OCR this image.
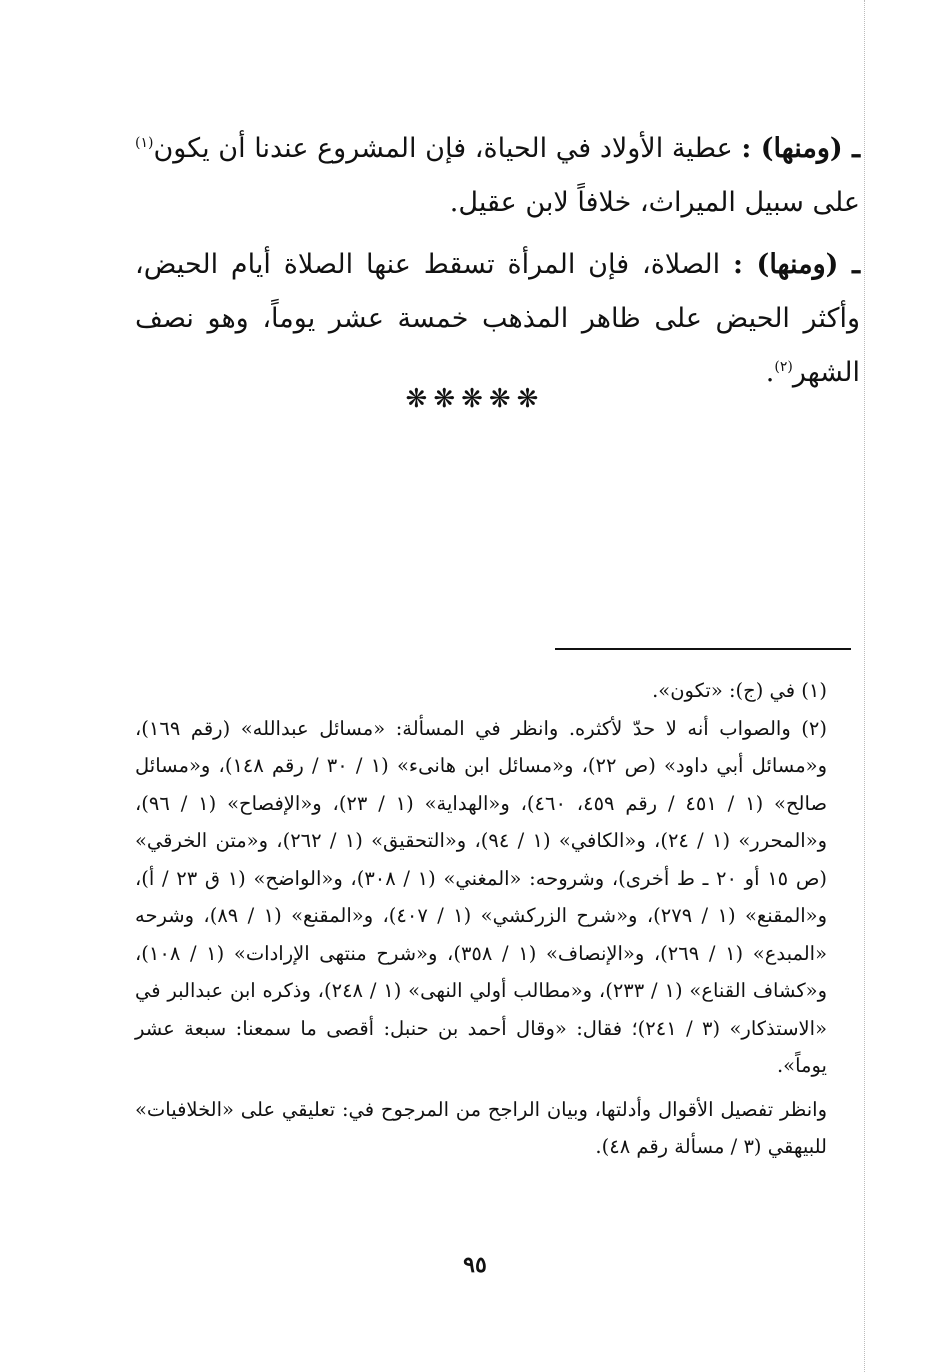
ـ (ومنها) : عطية الأولاد في الحياة، فإن المشروع عندنا أن يكون$^{(١)}$ على سبيل الميراث، خلافاً لابن عقيل.

ـ (ومنها) : الصلاة، فإن المرأة تسقط عنها الصلاة أيام الحيض، وأكثر الحيض على ظاهر المذهب خمسة عشر يوماً، وهو نصف الشهر$^{(٢)}$.

❋❋❋❋❋

(١) في (ج): «تكون».

(٢) والصواب أنه لا حدّ لأكثره. وانظر في المسألة: «مسائل عبدالله» (رقم ١٦٩)، و«مسائل أبي داود» (ص ٢٢)، و«مسائل ابن هانىء» (١ / ٣٠ / رقم ١٤٨)، و«مسائل صالح» (١ / ٤٥١ / رقم ٤٥٩، ٤٦٠)، و«الهداية» (١ / ٢٣)، و«الإفصاح» (١ / ٩٦)، و«المحرر» (١ / ٢٤)، و«الكافي» (١ / ٩٤)، و«التحقيق» (١ / ٢٦٢)، و«متن الخرقي» (ص ١٥ أو ٢٠ ـ ط أخرى)، وشروحه: «المغني» (١ / ٣٠٨)، و«الواضح» (١ ق ٢٣ / أ)، و«المقنع» (١ / ٢٧٩)، و«شرح الزركشي» (١ / ٤٠٧)، و«المقنع» (١ / ٨٩)، وشرحه «المبدع» (١ / ٢٦٩)، و«الإنصاف» (١ / ٣٥٨)، و«شرح منتهى الإرادات» (١ / ١٠٨)، و«كشاف القناع» (١ / ٢٣٣)، و«مطالب أولي النهى» (١ / ٢٤٨)، وذكره ابن عبدالبر في «الاستذكار» (٣ / ٢٤١)؛ فقال: «وقال أحمد بن حنبل: أقصى ما سمعنا: سبعة عشر يوماً».

وانظر تفصيل الأقوال وأدلتها، وبيان الراجح من المرجوح في: تعليقي على «الخلافيات» للبيهقي (٣ / مسألة رقم ٤٨).

٩٥
